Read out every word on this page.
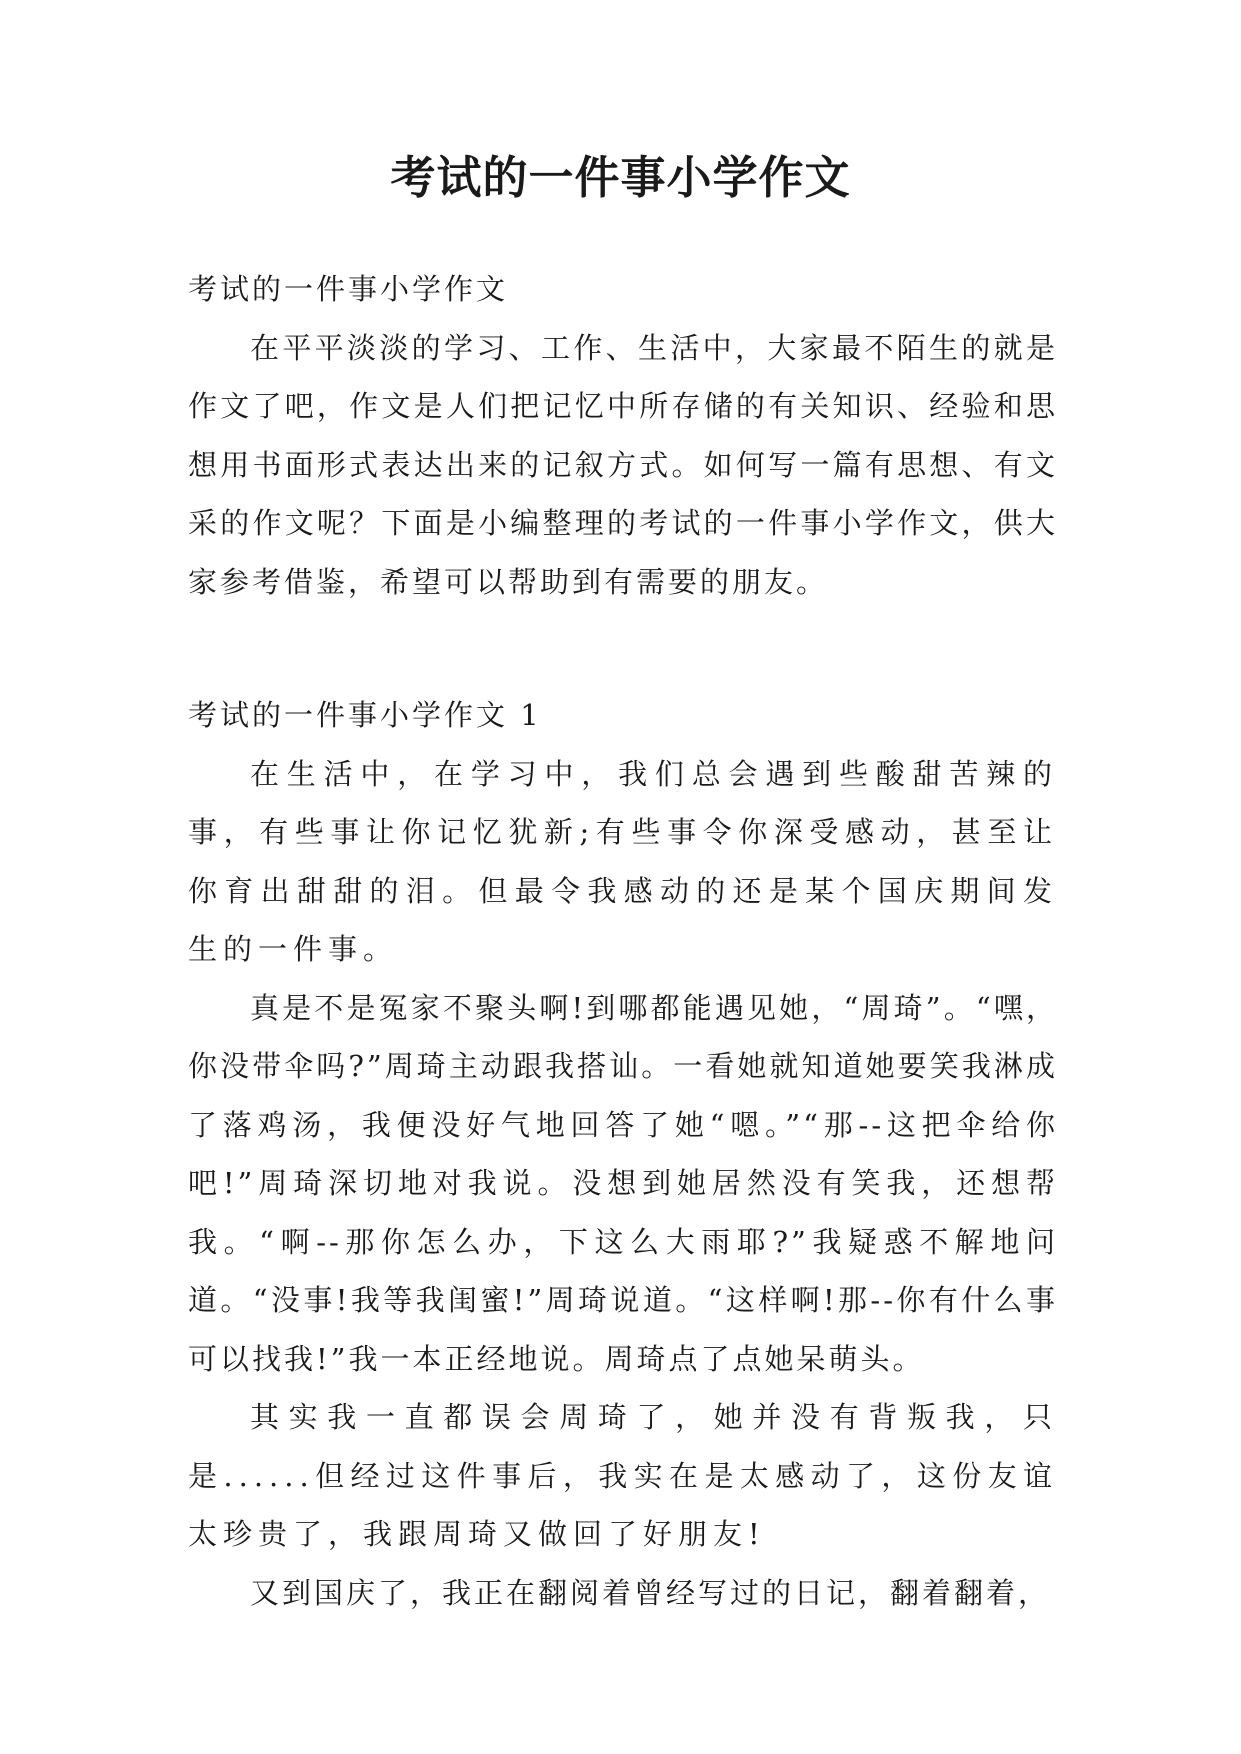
考试的一件事小学作文

考试的一件事小学作文

在平平淡淡的学习、工作、生活中，大家最不陌生的就是作文了吧，作文是人们把记忆中所存储的有关知识、经验和思想用书面形式表达出来的记叙方式。如何写一篇有思想、有文采的作文呢？下面是小编整理的考试的一件事小学作文，供大家参考借鉴，希望可以帮助到有需要的朋友。

考试的一件事小学作文 1

在生活中，在学习中，我们总会遇到些酸甜苦辣的事，有些事让你记忆犹新;有些事令你深受感动，甚至让你育出甜甜的泪。但最令我感动的还是某个国庆期间发生的一件事。

真是不是冤家不聚头啊!到哪都能遇见她，“周琦”。“嘿，你没带伞吗?”周琦主动跟我搭讪。一看她就知道她要笑我淋成了落鸡汤，我便没好气地回答了她“嗯。”“那--这把伞给你吧!”周琦深切地对我说。没想到她居然没有笑我，还想帮我。“啊--那你怎么办，下这么大雨耶?”我疑惑不解地问道。“没事!我等我闺蜜!”周琦说道。“这样啊!那--你有什么事可以找我!”我一本正经地说。周琦点了点她呆萌头。

其实我一直都误会周琦了，她并没有背叛我，只是......但经过这件事后，我实在是太感动了，这份友谊太珍贵了，我跟周琦又做回了好朋友!

又到国庆了，我正在翻阅着曾经写过的日记，翻着翻着，
